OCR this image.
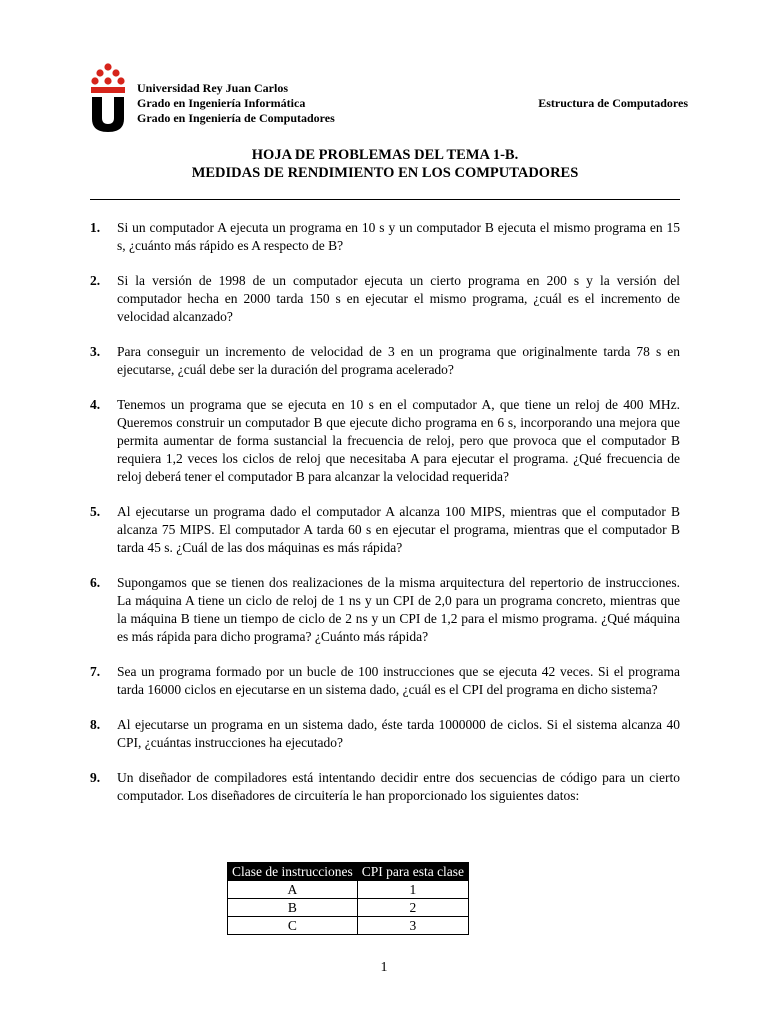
Universidad Rey Juan Carlos
Grado en Ingeniería Informática
Grado en Ingeniería de Computadores
Estructura de Computadores
HOJA DE PROBLEMAS DEL TEMA 1-B.
MEDIDAS DE RENDIMIENTO EN LOS COMPUTADORES
1. Si un computador A ejecuta un programa en 10 s y un computador B ejecuta el mismo programa en 15 s, ¿cuánto más rápido es A respecto de B?
2. Si la versión de 1998 de un computador ejecuta un cierto programa en 200 s y la versión del computador hecha en 2000 tarda 150 s en ejecutar el mismo programa, ¿cuál es el incremento de velocidad alcanzado?
3. Para conseguir un incremento de velocidad de 3 en un programa que originalmente tarda 78 s en ejecutarse, ¿cuál debe ser la duración del programa acelerado?
4. Tenemos un programa que se ejecuta en 10 s en el computador A, que tiene un reloj de 400 MHz. Queremos construir un computador B que ejecute dicho programa en 6 s, incorporando una mejora que permita aumentar de forma sustancial la frecuencia de reloj, pero que provoca que el computador B requiera 1,2 veces los ciclos de reloj que necesitaba A para ejecutar el programa. ¿Qué frecuencia de reloj deberá tener el computador B para alcanzar la velocidad requerida?
5. Al ejecutarse un programa dado el computador A alcanza 100 MIPS, mientras que el computador B alcanza 75 MIPS. El computador A tarda 60 s en ejecutar el programa, mientras que el computador B tarda 45 s. ¿Cuál de las dos máquinas es más rápida?
6. Supongamos que se tienen dos realizaciones de la misma arquitectura del repertorio de instrucciones. La máquina A tiene un ciclo de reloj de 1 ns y un CPI de 2,0 para un programa concreto, mientras que la máquina B tiene un tiempo de ciclo de 2 ns y un CPI de 1,2 para el mismo programa. ¿Qué máquina es más rápida para dicho programa? ¿Cuánto más rápida?
7. Sea un programa formado por un bucle de 100 instrucciones que se ejecuta 42 veces. Si el programa tarda 16000 ciclos en ejecutarse en un sistema dado, ¿cuál es el CPI del programa en dicho sistema?
8. Al ejecutarse un programa en un sistema dado, éste tarda 1000000 de ciclos. Si el sistema alcanza 40 CPI, ¿cuántas instrucciones ha ejecutado?
9. Un diseñador de compiladores está intentando decidir entre dos secuencias de código para un cierto computador. Los diseñadores de circuitería le han proporcionado los siguientes datos:
Clase de instrucciones	CPI para esta clase
A	1
B	2
C	3
1
